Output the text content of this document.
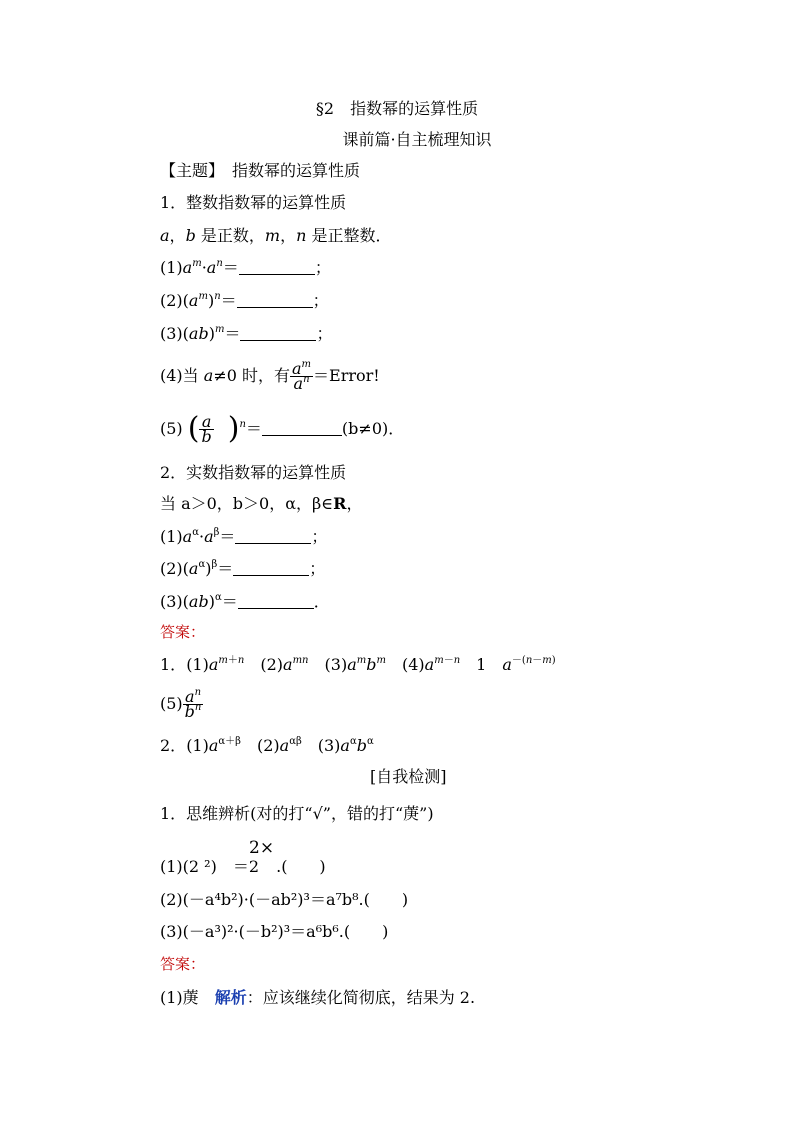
§2　指数幂的运算性质
课前篇·自主梳理知识
【主题】　指数幂的运算性质
1．整数指数幂的运算性质
a，b 是正数，m，n 是正整数．
$(1)a^m\cdot a^n=$	；
$(2)(a^m)^n=$	；
(3)(ab)$^m$＝	；
(4)当 a≠0 时，有 $\frac{a^m}{a^n}$ ＝Error!
(5) ( $\frac{a}{b} )^n=$	(b≠0)．
2．实数指数幂的运算性质
当 a＞0，b＞0，α，β∈R，
$(1)a^\alpha\cdot a^\beta=$	；
$(2)(a^\alpha)^\beta=$	；
(3)(ab)$^\alpha$＝	．
答案：
1．$(1)a^{m+n}$　 $(2)a^{mn}$　 $(3)a^mb^m$　 $(4)a^{m-n}$　 1　 $a^{-(n-m)}$
$(5) \frac{a^n}{b^n}$
2．$(1)a^{\alpha+\beta}$　 $(2)a^{\alpha\beta}$　 $(3)a^\alpha b^\alpha$
[自我检测]
1．思维辨析(对的打“√”，错的打“菮”)
(1)(2 ²)　＝2 .(　　)
2×
(2)(－a⁴b²)·(－ab²)³＝a⁷b⁸.(　　)
(3)(－a³)²·(－b²)³＝a⁶b⁶.(　　)
答案：
(1)菮　 解析：应该继续化简彻底，结果为 2.
